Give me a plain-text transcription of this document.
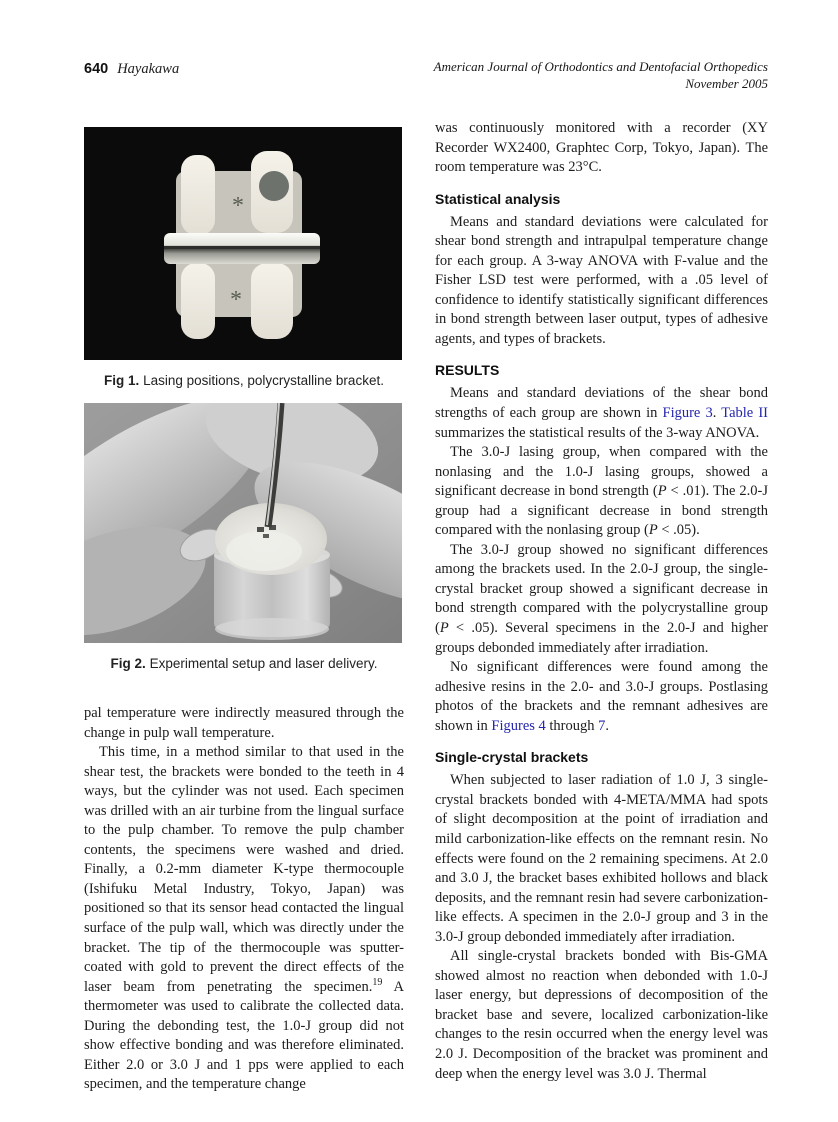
640 Hayakawa	American Journal of Orthodontics and Dentofacial Orthopedics
November 2005
*
*
Fig 1. Lasing positions, polycrystalline bracket.
Fig 2. Experimental setup and laser delivery.

pal temperature were indirectly measured through the change in pulp wall temperature.

This time, in a method similar to that used in the shear test, the brackets were bonded to the teeth in 4 ways, but the cylinder was not used. Each specimen was drilled with an air turbine from the lingual surface to the pulp chamber. To remove the pulp chamber contents, the specimens were washed and dried. Finally, a 0.2-mm diameter K-type thermocouple (Ishifuku Metal Industry, Tokyo, Japan) was positioned so that its sensor head contacted the lingual surface of the pulp wall, which was directly under the bracket. The tip of the thermocouple was sputter-coated with gold to prevent the direct effects of the laser beam from penetrating the specimen.$^{19}$ A thermometer was used to calibrate the collected data. During the debonding test, the 1.0-J group did not show effective bonding and was therefore eliminated. Either 2.0 or 3.0 J and 1 pps were applied to each specimen, and the temperature change

was continuously monitored with a recorder (XY Recorder WX2400, Graphtec Corp, Tokyo, Japan). The room temperature was 23°C.

Statistical analysis

Means and standard deviations were calculated for shear bond strength and intrapulpal temperature change for each group. A 3-way ANOVA with F-value and the Fisher LSD test were performed, with a .05 level of confidence to identify statistically significant differences in bond strength between laser output, types of adhesive agents, and types of brackets.

RESULTS

Means and standard deviations of the shear bond strengths of each group are shown in Figure 3. Table II summarizes the statistical results of the 3-way ANOVA.

The 3.0-J lasing group, when compared with the nonlasing and the 1.0-J lasing groups, showed a significant decrease in bond strength (P < .01). The 2.0-J group had a significant decrease in bond strength compared with the nonlasing group (P < .05).

The 3.0-J group showed no significant differences among the brackets used. In the 2.0-J group, the single-crystal bracket group showed a significant decrease in bond strength compared with the polycrystalline group (P < .05). Several specimens in the 2.0-J and higher groups debonded immediately after irradiation.

No significant differences were found among the adhesive resins in the 2.0- and 3.0-J groups. Postlasing photos of the brackets and the remnant adhesives are shown in Figures 4 through 7.

Single-crystal brackets

When subjected to laser radiation of 1.0 J, 3 single-crystal brackets bonded with 4-META/MMA had spots of slight decomposition at the point of irradiation and mild carbonization-like effects on the remnant resin. No effects were found on the 2 remaining specimens. At 2.0 and 3.0 J, the bracket bases exhibited hollows and black deposits, and the remnant resin had severe carbonization-like effects. A specimen in the 2.0-J group and 3 in the 3.0-J group debonded immediately after irradiation.

All single-crystal brackets bonded with Bis-GMA showed almost no reaction when debonded with 1.0-J laser energy, but depressions of decomposition of the bracket base and severe, localized carbonization-like changes to the resin occurred when the energy level was 2.0 J. Decomposition of the bracket was prominent and deep when the energy level was 3.0 J. Thermal
